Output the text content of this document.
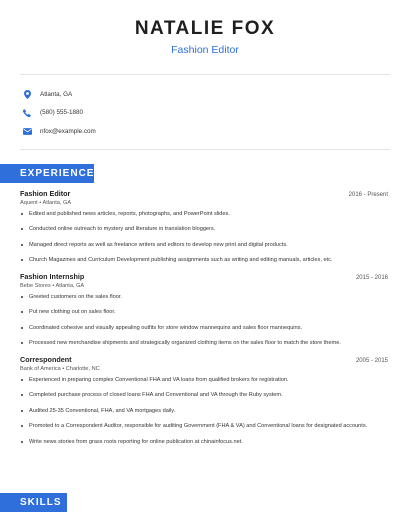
NATALIE FOX
Fashion Editor
Atlanta, GA
(580) 555-1880
nfox@example.com
EXPERIENCE
Fashion Editor	2016 - Present
Aquent • Atlanta, GA
Edited and published news articles, reports, photographs, and PowerPoint slides.
Conducted online outreach to mystery and literature in translation bloggers.
Managed direct reports as well as freelance writers and editors to develop new print and digital products.
Church Magazines and Curriculum Development publishing assignments such as writing and editing manuals, articles, etc.
Fashion Internship	2015 - 2016
Bebe Stores • Atlanta, GA
Greeted customers on the sales floor.
Put new clothing out on sales floor.
Coordinated cohesive and visually appealing outfits for store window mannequins and sales floor mannequins.
Processed new merchandise shipments and strategically organized clothing items on the sales floor to match the store theme.
Correspondent	2005 - 2015
Bank of America • Charlotte, NC
Experienced in preparing complex Conventional FHA and VA loans from qualified brokers for registration.
Completed purchase process of closed loans FHA and Conventional and VA through the Ruby system.
Audited 25-35 Conventional, FHA, and VA mortgages daily.
Promoted to a Correspondent Auditor, responsible for auditing Government (FHA & VA) and Conventional loans for designated accounts.
Write news stories from grass roots reporting for online publication at chinainfocus.net.
SKILLS
